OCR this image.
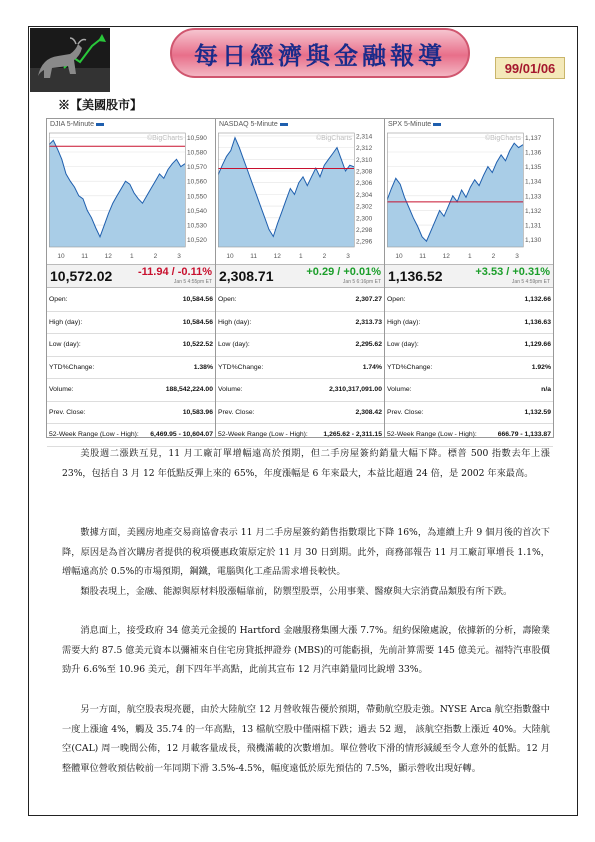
每日經濟與金融報導	99/01/06
※【美國股市】
DJIA 5-Minute
©BigCharts 10,590
10,580
10,570
10,560
10,550
10,540
10,530
10,520
10	11	12	1	2	3
10,572.02 -11.94 / -0.11%
Jan 5 4:55pm ET
Open:	10,584.56
High (day):	10,584.56
Low (day):	10,522.52
YTD%Change:	1.38%
Volume:	188,542,224.00
Prev. Close:	10,583.96
52-Week Range (Low - High): 6,469.95 - 10,604.07
NASDAQ 5-Minute
©BigCharts 2,314
2,312
2,310
2,308
2,306
2,304
2,302
2,300
2,298
2,296
10	11	12	1	2	3
2,308.71	+0.29 / +0.01%
Jan 5 6:16pm ET
Open:	2,307.27
High (day):	2,313.73
Low (day):	2,295.62
YTD%Change:	1.74%
Volume:	2,310,317,091.00
Prev. Close:	2,308.42
52-Week Range (Low - High): 1,265.62 - 2,311.15
SPX 5-Minute
©BigCharts 1,137
1,136
1,135
1,134
1,133
1,132
1,131
1,130
10	11	12	1	2	3
1,136.52	+3.53 / +0.31%
Jan 5 4:59pm ET
Open:	1,132.66
High (day):	1,136.63
Low (day):	1,129.66
YTD%Change:	1.92%
Volume:	n/a
Prev. Close:	1,132.59
52-Week Range (Low - High):	666.79 - 1,133.87
美股週二漲跌互見，11 月工廠訂單增幅遠高於預期，但二手房屋簽約銷量大幅下降。標普 500 指數去年上漲 23%，包括自 3 月 12 年低點反彈上來的 65%，年度漲幅是 6 年來最大，本益比超過 24 倍，是 2002 年來最高。
數據方面，美國房地產交易商協會表示 11 月二手房屋簽約銷售指數環比下降 16%，為連續上升 9 個月後的首次下降，原因是為首次購房者提供的稅項優惠政策原定於 11 月 30 日到期。此外，商務部報告 11 月工廠訂單增長 1.1%，增幅遠高於 0.5%的市場預期，鋼鐵，電腦與化工產品需求增長較快。
類股表現上，金融、能源與原材料股漲幅靠前，防禦型股票，公用事業、醫療與大宗消費品類股有所下跌。
消息面上，接受政府 34 億美元金援的 Hartford 金融服務集團大漲 7.7%。紐約保險處說，依據新的分析，壽險業需要大約 87.5 億美元資本以彌補來自住宅房貸抵押證券 (MBS)的可能虧損，先前計算需要 145 億美元。福特汽車股價勁升 6.6%至 10.96 美元，創下四年半高點，此前其宣布 12 月汽車銷量同比銳增 33%。
另一方面，航空股表現亮麗，由於大陸航空 12 月營收報告優於預期，帶動航空股走強。NYSE Arca 航空指數盤中一度上漲逾 4%，觸及 35.74 的一年高點，13 檔航空股中僅兩檔下跌；過去 52 週， 該航空指數上漲近 40%。大陸航空(CAL) 周一晚間公佈，12 月載客量成長，飛機滿載的次數增加。單位營收下滑的情形減緩至令人意外的低點。12 月整體單位營收預估較前一年同期下滑 3.5%-4.5%，幅度遠低於原先預估的 7.5%，顯示營收出現好轉。
